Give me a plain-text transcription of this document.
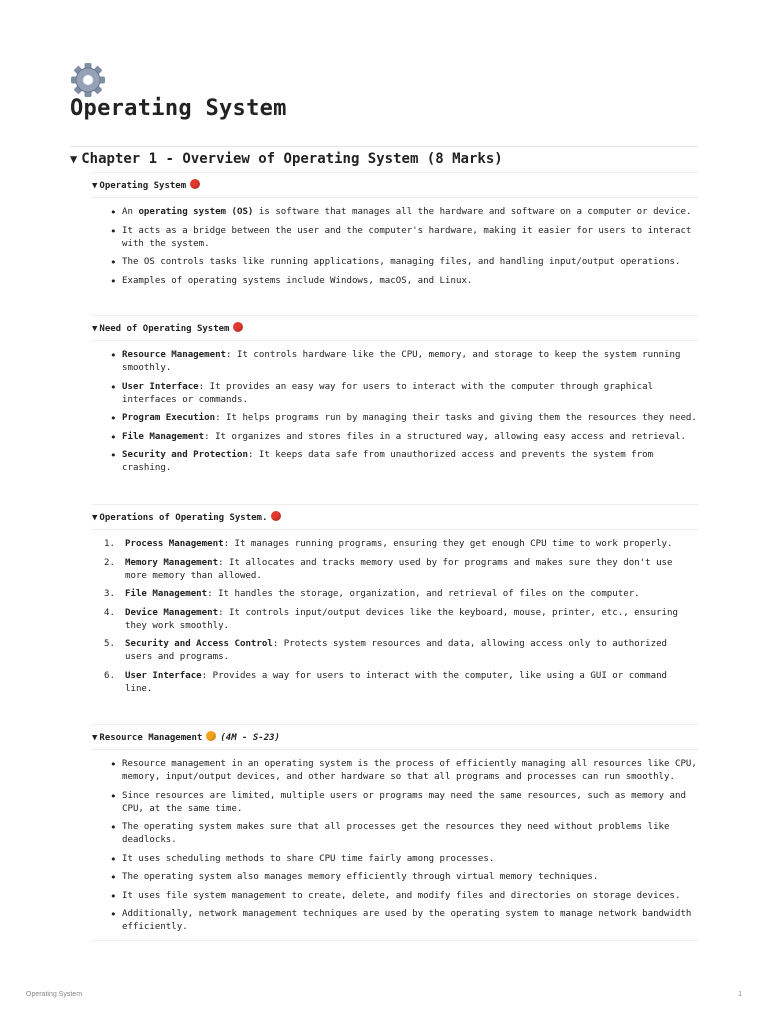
Operating System
▼ Chapter 1 - Overview of Operating System (8 Marks)
▼ Operating System
• An operating system (OS) is software that manages all the hardware and software on a computer or device.
• It acts as a bridge between the user and the computer's hardware, making it easier for users to interact with the system.
• The OS controls tasks like running applications, managing files, and handling input/output operations.
• Examples of operating systems include Windows, macOS, and Linux.
▼ Need of Operating System
• Resource Management: It controls hardware like the CPU, memory, and storage to keep the system running smoothly.
• User Interface: It provides an easy way for users to interact with the computer through graphical interfaces or commands.
• Program Execution: It helps programs run by managing their tasks and giving them the resources they need.
• File Management: It organizes and stores files in a structured way, allowing easy access and retrieval.
• Security and Protection: It keeps data safe from unauthorized access and prevents the system from crashing.
▼ Operations of Operating System.
1. Process Management: It manages running programs, ensuring they get enough CPU time to work properly.
2. Memory Management: It allocates and tracks memory used by for programs and makes sure they don't use more memory than allowed.
3. File Management: It handles the storage, organization, and retrieval of files on the computer.
4. Device Management: It controls input/output devices like the keyboard, mouse, printer, etc., ensuring they work smoothly.
5. Security and Access Control: Protects system resources and data, allowing access only to authorized users and programs.
6. User Interface: Provides a way for users to interact with the computer, like using a GUI or command line.
▼ Resource Management (4M - S-23)
• Resource management in an operating system is the process of efficiently managing all resources like CPU, memory, input/output devices, and other hardware so that all programs and processes can run smoothly.
• Since resources are limited, multiple users or programs may need the same resources, such as memory and CPU, at the same time.
• The operating system makes sure that all processes get the resources they need without problems like deadlocks.
• It uses scheduling methods to share CPU time fairly among processes.
• The operating system also manages memory efficiently through virtual memory techniques.
• It uses file system management to create, delete, and modify files and directories on storage devices.
• Additionally, network management techniques are used by the operating system to manage network bandwidth efficiently.
Operating System	1
